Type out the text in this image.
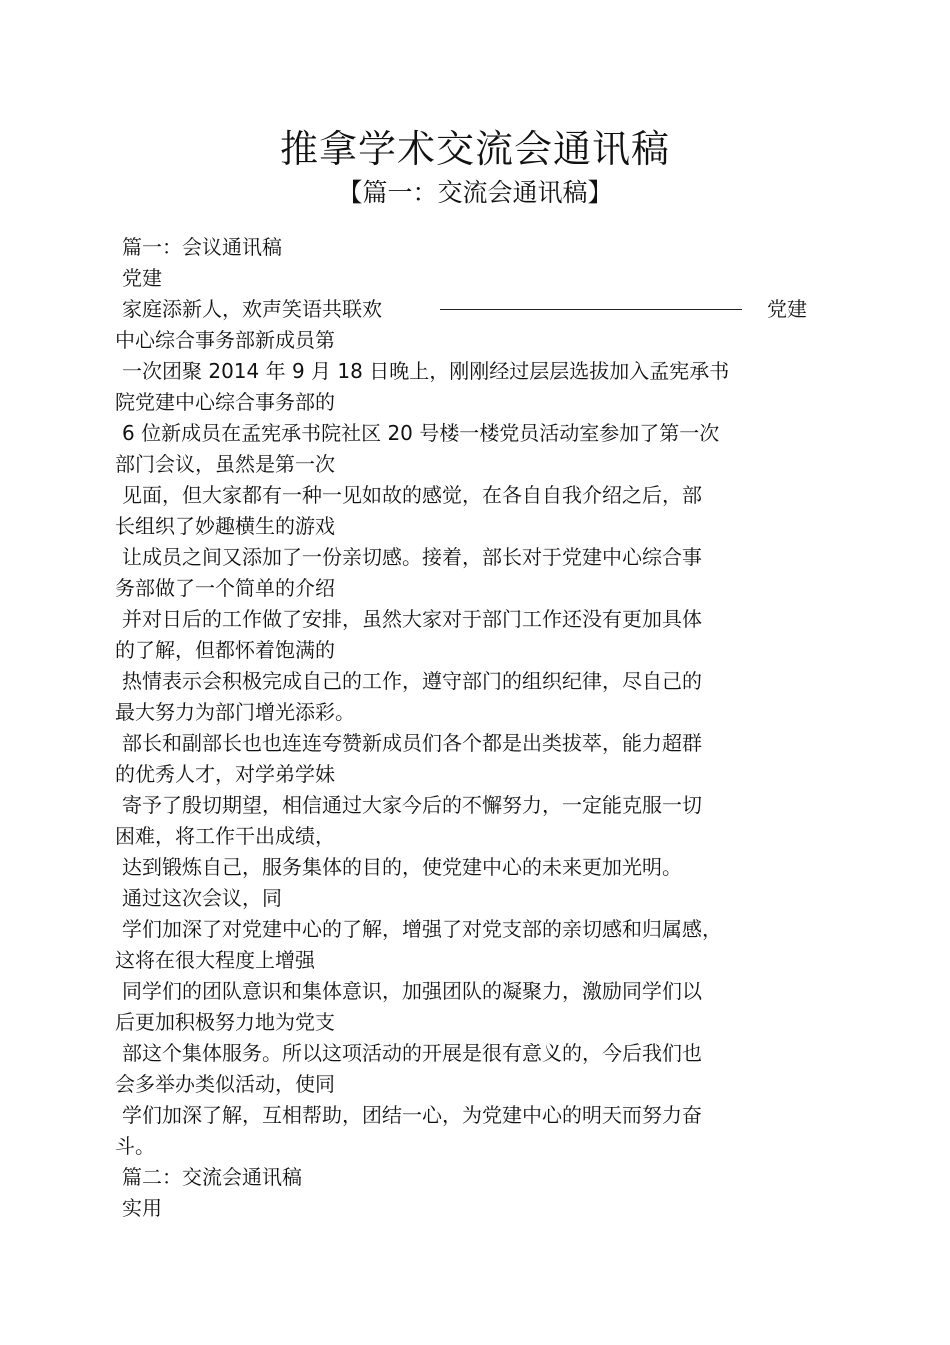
推拿学术交流会通讯稿
【篇一：交流会通讯稿】
篇一：会议通讯稿
党建
家庭添新人，欢声笑语共联欢	党建
中心综合事务部新成员第
一次团聚 2014 年 9 月 18 日晚上，刚刚经过层层选拔加入孟宪承书
院党建中心综合事务部的
6 位新成员在孟宪承书院社区 20 号楼一楼党员活动室参加了第一次
部门会议，虽然是第一次
见面，但大家都有一种一见如故的感觉，在各自自我介绍之后，部
长组织了妙趣横生的游戏
让成员之间又添加了一份亲切感。接着，部长对于党建中心综合事
务部做了一个简单的介绍
并对日后的工作做了安排，虽然大家对于部门工作还没有更加具体
的了解，但都怀着饱满的
热情表示会积极完成自己的工作，遵守部门的组织纪律，尽自己的
最大努力为部门增光添彩。
部长和副部长也也连连夸赞新成员们各个都是出类拔萃，能力超群
的优秀人才，对学弟学妹
寄予了殷切期望，相信通过大家今后的不懈努力，一定能克服一切
困难，将工作干出成绩，
达到锻炼自己，服务集体的目的，使党建中心的未来更加光明。
通过这次会议，同
学们加深了对党建中心的了解，增强了对党支部的亲切感和归属感，
这将在很大程度上增强
同学们的团队意识和集体意识，加强团队的凝聚力，激励同学们以
后更加积极努力地为党支
部这个集体服务。所以这项活动的开展是很有意义的，今后我们也
会多举办类似活动，使同
学们加深了解，互相帮助，团结一心，为党建中心的明天而努力奋
斗。
篇二：交流会通讯稿
实用
